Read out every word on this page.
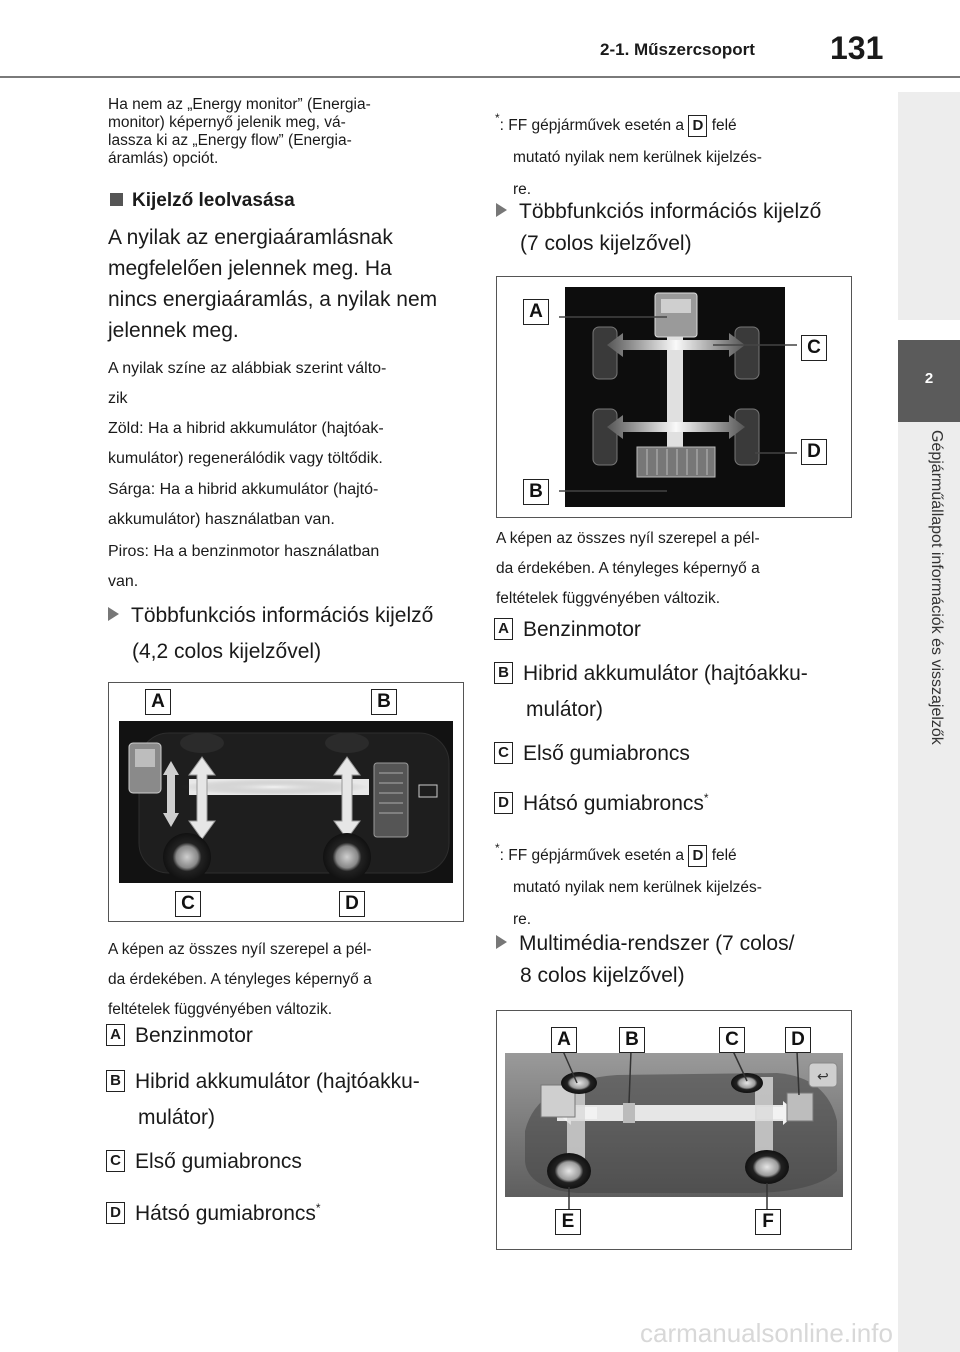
2-1. Műszercsoport 131
2
Gépjárműállapot információk és visszajelzők
Ha nem az „Energy monitor” (Energia-
monitor) képernyő jelenik meg, vá-
lassza ki az „Energy flow” (Energia-
áramlás) opciót.
Kijelző leolvasása
A nyilak az energiaáramlásnak
megfelelően jelennek meg. Ha
nincs energiaáramlás, a nyilak nem
jelennek meg.
A nyilak színe az alábbiak szerint válto-
zik
Zöld: Ha a hibrid akkumulátor (hajtóak-
kumulátor) regenerálódik vagy töltődik.
Sárga: Ha a hibrid akkumulátor (hajtó-
akkumulátor) használatban van.
Piros: Ha a benzinmotor használatban
van.
Többfunkciós információs kijelző
(4,2 colos kijelzővel)
A	B
C	D
A képen az összes nyíl szerepel a pél-
da érdekében. A tényleges képernyő a
feltételek függvényében változik.
A Benzinmotor
B Hibrid akkumulátor (hajtóakku-
mulátor)
C Első gumiabroncs
D Hátsó gumiabroncs*
*: FF gépjárművek esetén a D felé
mutató nyilak nem kerülnek kijelzés-
re.
Többfunkciós információs kijelző
(7 colos kijelzővel)
A
C
D
B
A képen az összes nyíl szerepel a pél-
da érdekében. A tényleges képernyő a
feltételek függvényében változik.
A Benzinmotor
B Hibrid akkumulátor (hajtóakku-
mulátor)
C Első gumiabroncs
D Hátsó gumiabroncs*
*: FF gépjárművek esetén a D felé
mutató nyilak nem kerülnek kijelzés-
re.
Multimédia-rendszer (7 colos/
8 colos kijelzővel)
↩
A	B	C	D
E	F
carmanualsonline.info
